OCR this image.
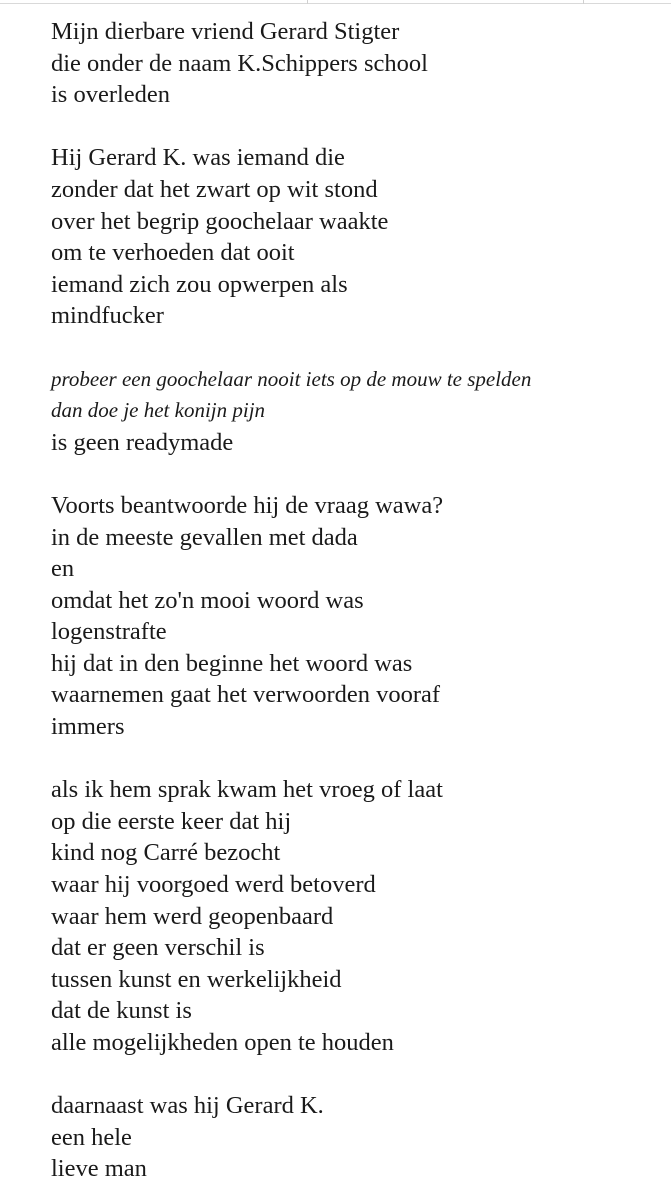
Mijn dierbare vriend Gerard Stigter
die onder de naam K.Schippers school
is overleden
Hij Gerard K. was iemand die
zonder dat het zwart op wit stond
over het begrip goochelaar waakte
om te verhoeden dat ooit
iemand zich zou opwerpen als
mindfucker
probeer een goochelaar nooit iets op de mouw te spelden
dan doe je het konijn pijn
is geen readymade
Voorts beantwoorde hij de vraag wawa?
in de meeste gevallen met dada
en
omdat het zo'n mooi woord was
logenstrafte
hij dat in den beginne het woord was
waarnemen gaat het verwoorden vooraf
immers
als ik hem sprak kwam het vroeg of laat
op die eerste keer dat hij
kind nog Carré bezocht
waar hij voorgoed werd betoverd
waar hem werd geopenbaard
dat er geen verschil is
tussen kunst en werkelijkheid
dat de kunst is
alle mogelijkheden open te houden
daarnaast was hij Gerard K.
een hele
lieve man
